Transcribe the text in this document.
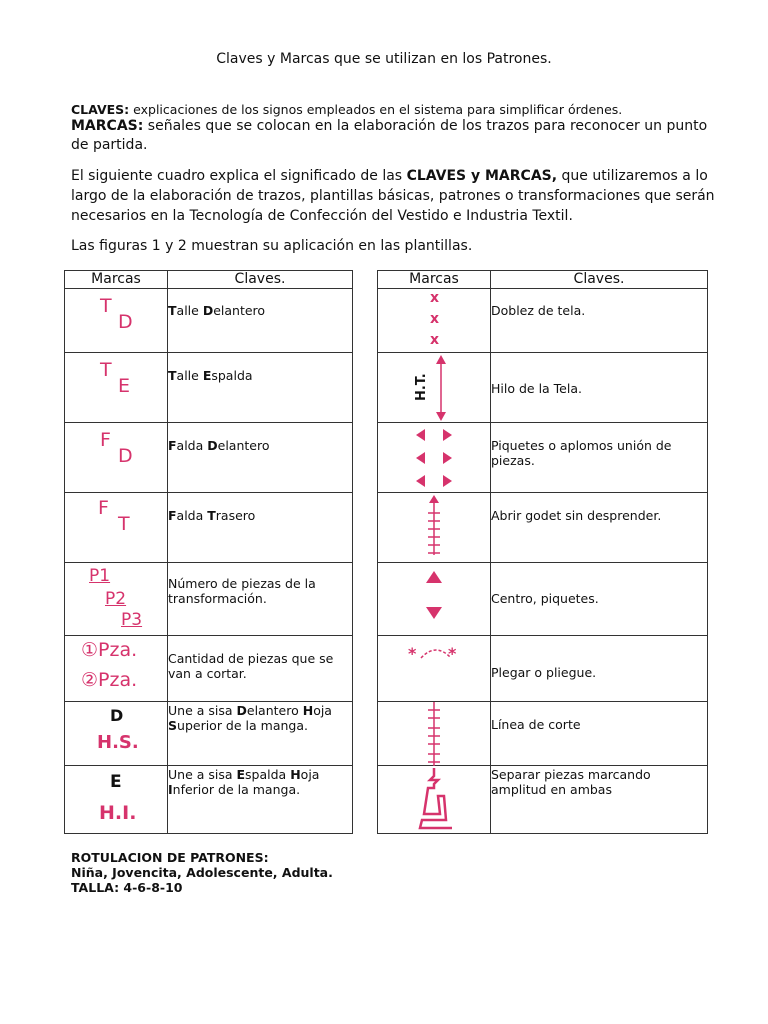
Claves y Marcas que se utilizan en los Patrones.
CLAVES: explicaciones de los signos empleados en el sistema para simplificar órdenes.
MARCAS: señales que se colocan en la elaboración de los trazos para reconocer un punto de partida.
El siguiente cuadro explica el significado de las CLAVES y MARCAS, que utilizaremos a lo largo de la elaboración de trazos, plantillas básicas, patrones o transformaciones que serán necesarios en la Tecnología de Confección del Vestido e Industria Textil.
Las figuras 1 y 2 muestran su aplicación en las plantillas.
Marcas	Claves.

T
D	Talle Delantero

T
E	Talle Espalda

F
D	Falda Delantero

F
T	Falda Trasero

P1
P2
P3	Número de piezas de la transformación.

①Pza.
②Pza.	Cantidad de piezas que se van a cortar.

D
H.S.	Une a sisa Delantero Hoja Superior de la manga.

E
H.I.	Une a sisa Espalda Hoja Inferior de la manga.
Marcas	Claves.

x
x
x	Doblez de tela.

H.T.	Hilo de la Tela.

	Piquetes o aplomos unión de piezas.

	Abrir godet sin desprender.

	Centro, piquetes.

* *	Plegar o pliegue.

	Línea de corte

	Separar piezas marcando amplitud en ambas
ROTULACION DE PATRONES:
Niña, Jovencita, Adolescente, Adulta.
TALLA: 4-6-8-10
